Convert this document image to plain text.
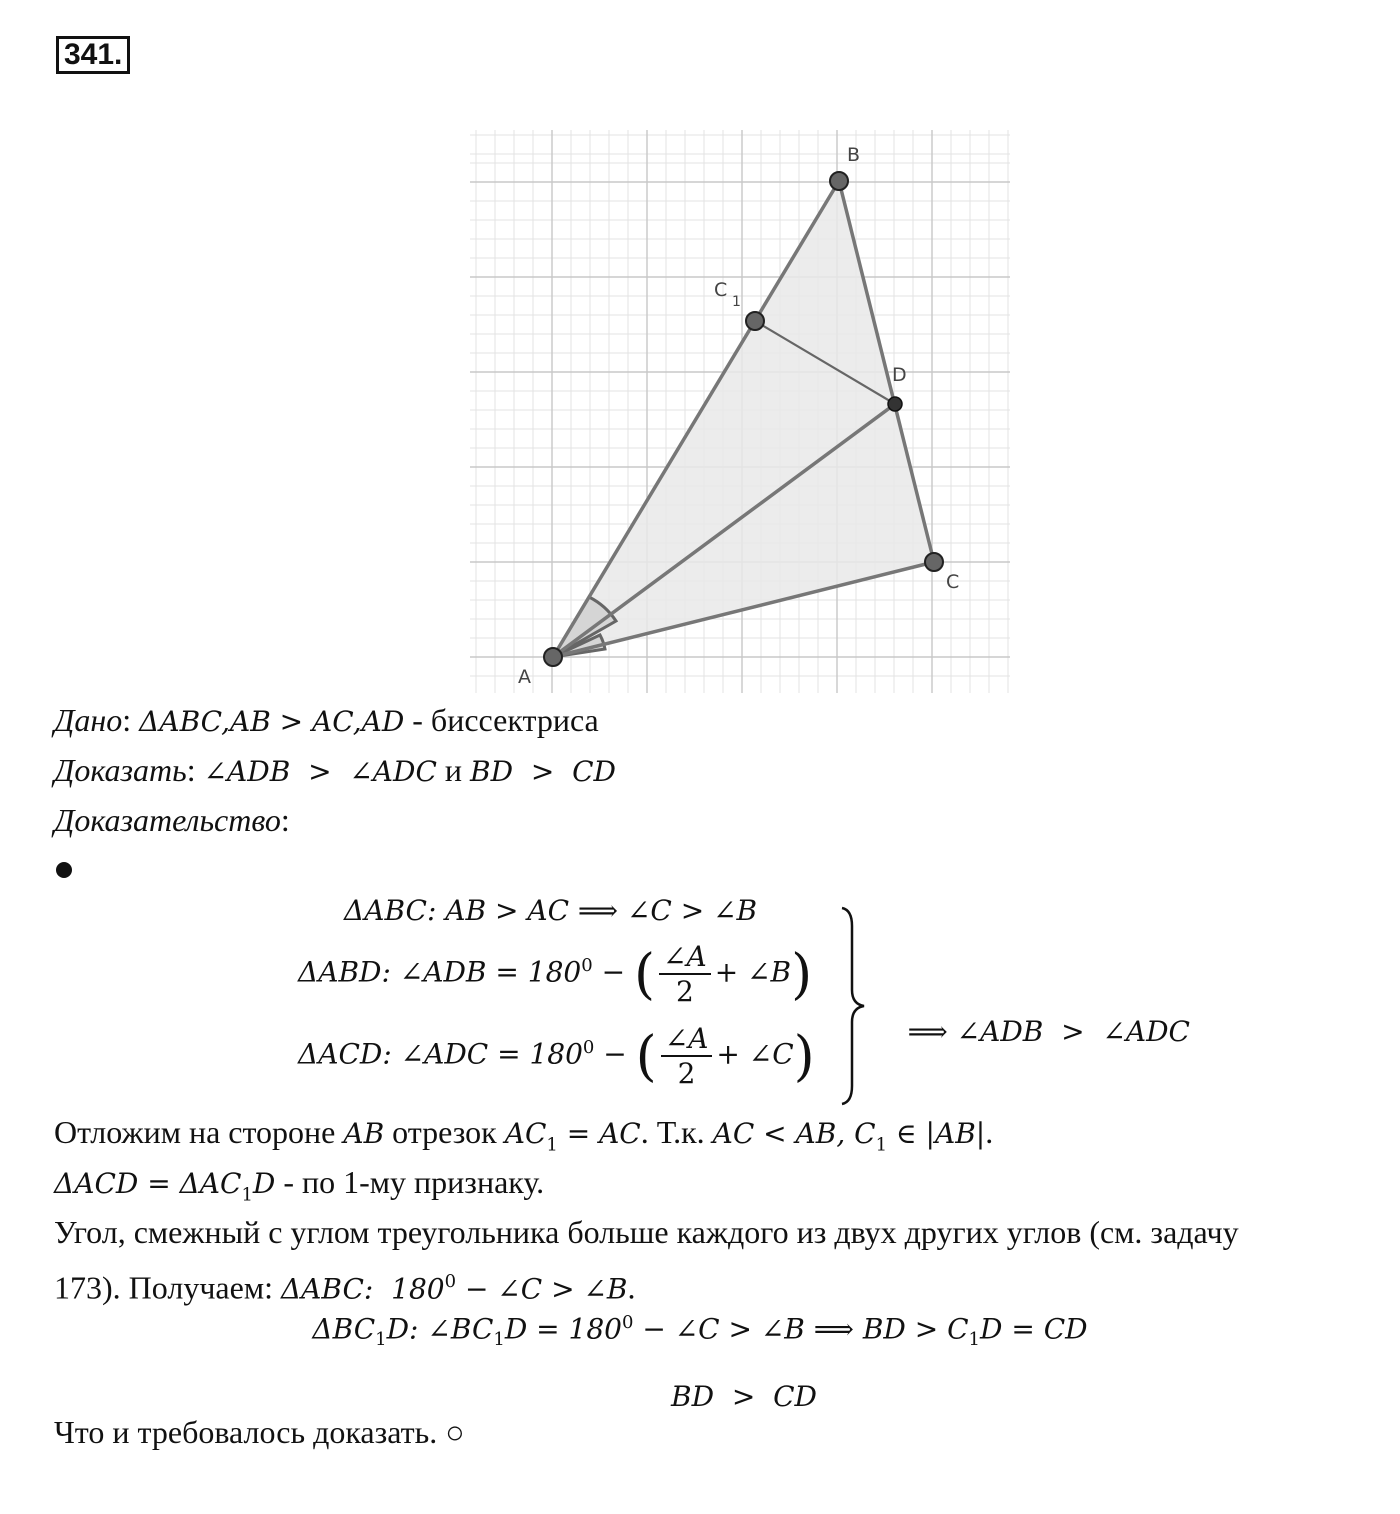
341.
A
B
C
C
1
D
Дано: ΔABC,AB > AC,AD - биссектриса
Доказать: ∠ADB  >  ∠ADC и BD  >  CD
Доказательство:
ΔABC: AB > AC ⟹ ∠C > ∠B
ΔABD: ∠ADB = $180^0$ − ( $\frac{\angle A}{2}$ + ∠B)
ΔACD: ∠ADC = $180^0$ − ( $\frac{\angle A}{2}$ + ∠C)	⟹ ∠ADB  >  ∠ADC

Отложим на стороне AB отрезок $AC_1$ = AC. Т.к. AC < AB, $C_1$ ∈ |AB|.
$\Delta ACD = \Delta AC_1D$ - по 1-му признаку.
Угол, смежный с углом треугольника больше каждого из двух других углов (см. задачу
173). Получаем: ΔABC:  $180^0$ − ∠C > ∠B.
$\Delta BC_1D$: $\angle BC_1D = 180^0$ − ∠C > ∠B ⟹ BD > $C_1D$ = CD

BD  >  CD

Что и требовалось доказать. ○
